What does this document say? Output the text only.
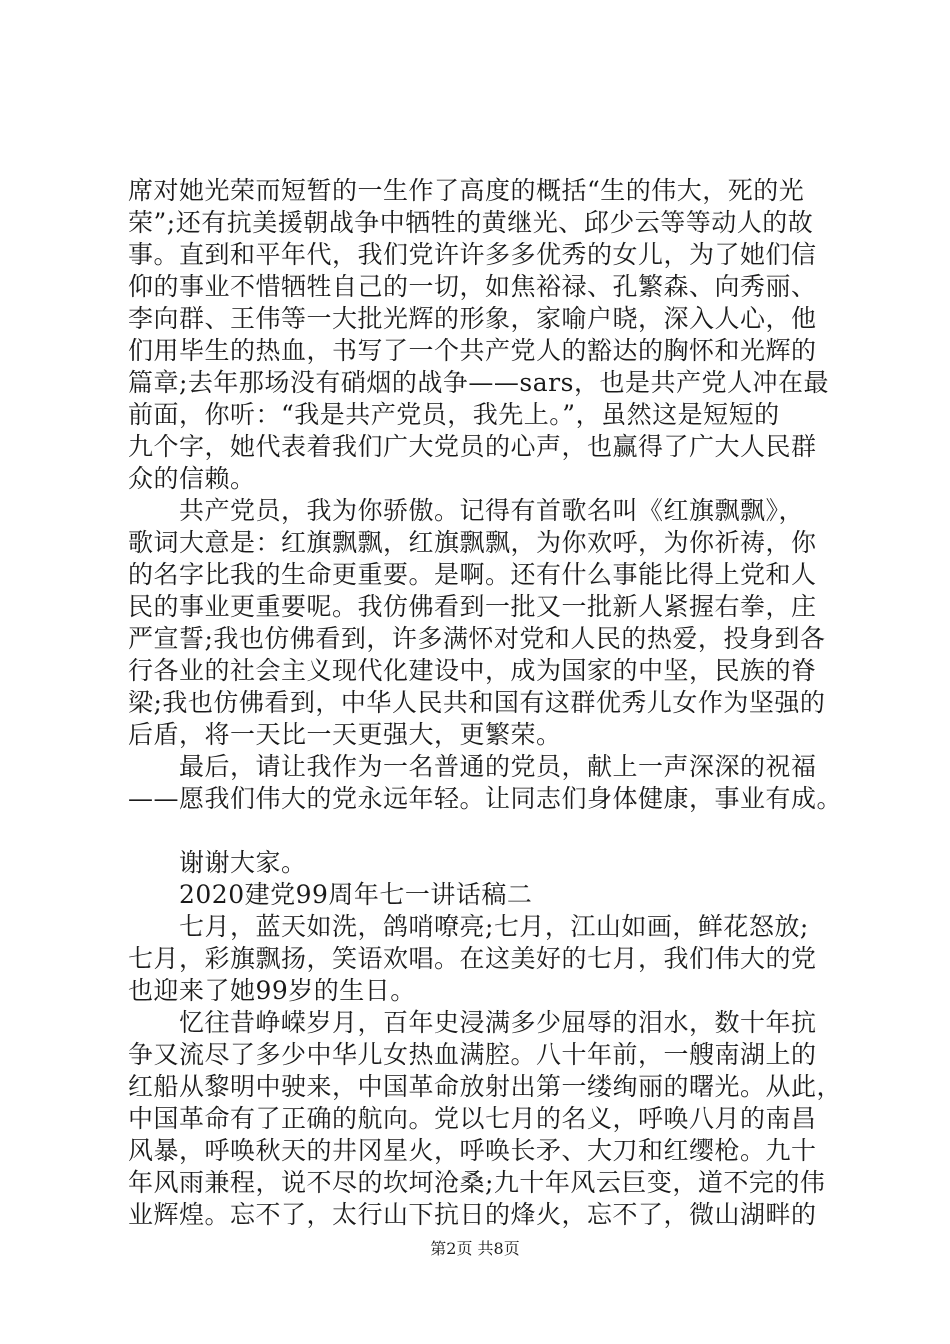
席对她光荣而短暂的一生作了高度的概括“生的伟大，死的光
荣”;还有抗美援朝战争中牺牲的黄继光、邱少云等等动人的故
事。直到和平年代，我们党许许多多优秀的女儿，为了她们信
仰的事业不惜牺牲自己的一切，如焦裕禄、孔繁森、向秀丽、
李向群、王伟等一大批光辉的形象，家喻户晓，深入人心，他
们用毕生的热血，书写了一个共产党人的豁达的胸怀和光辉的
篇章;去年那场没有硝烟的战争——sars，也是共产党人冲在最
前面，你听：“我是共产党员，我先上。”，虽然这是短短的
九个字，她代表着我们广大党员的心声，也赢得了广大人民群
众的信赖。
　　共产党员，我为你骄傲。记得有首歌名叫《红旗飘飘》，
歌词大意是：红旗飘飘，红旗飘飘，为你欢呼，为你祈祷，你
的名字比我的生命更重要。是啊。还有什么事能比得上党和人
民的事业更重要呢。我仿佛看到一批又一批新人紧握右拳，庄
严宣誓;我也仿佛看到，许多满怀对党和人民的热爱，投身到各
行各业的社会主义现代化建设中，成为国家的中坚，民族的脊
梁;我也仿佛看到，中华人民共和国有这群优秀儿女作为坚强的
后盾，将一天比一天更强大，更繁荣。
　　最后，请让我作为一名普通的党员，献上一声深深的祝福
——愿我们伟大的党永远年轻。让同志们身体健康，事业有成。
　　谢谢大家。
　　2020建党99周年七一讲话稿二
　　七月，蓝天如洗，鸽哨嘹亮;七月，江山如画，鲜花怒放;
七月，彩旗飘扬，笑语欢唱。在这美好的七月，我们伟大的党
也迎来了她99岁的生日。
　　忆往昔峥嵘岁月，百年史浸满多少屈辱的泪水，数十年抗
争又流尽了多少中华儿女热血满腔。八十年前，一艘南湖上的
红船从黎明中驶来，中国革命放射出第一缕绚丽的曙光。从此，
中国革命有了正确的航向。党以七月的名义，呼唤八月的南昌
风暴，呼唤秋天的井冈星火，呼唤长矛、大刀和红缨枪。九十
年风雨兼程，说不尽的坎坷沧桑;九十年风云巨变，道不完的伟
业辉煌。忘不了，太行山下抗日的烽火，忘不了，微山湖畔的
第2页 共8页
